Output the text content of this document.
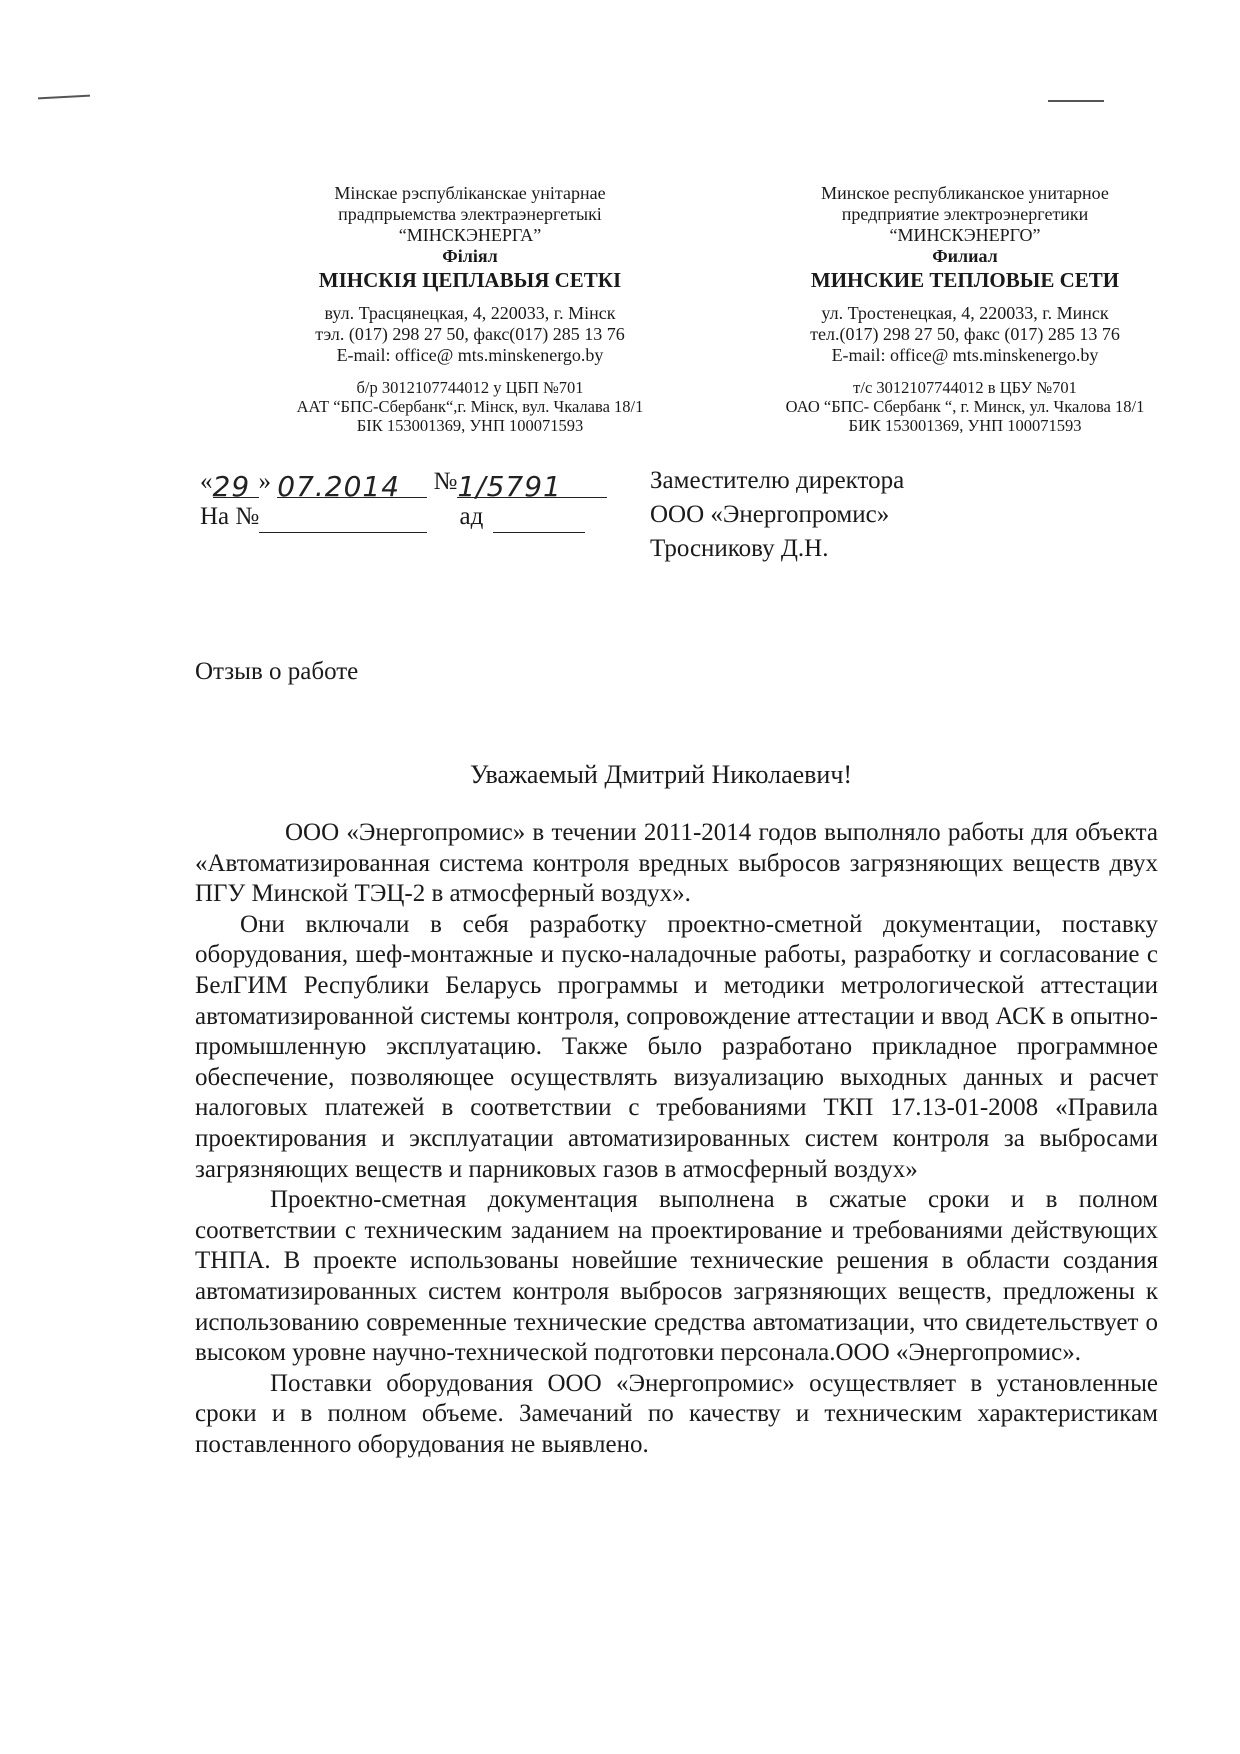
Мінскае рэспубліканскае унітарнае
прадпрыемства электраэнергетыкі
“МІНСКЭНЕРГА”
Філіял
МІНСКІЯ ЦЕПЛАВЫЯ СЕТКІ
вул. Трасцянецкая, 4, 220033, г. Мінск
тэл. (017) 298 27 50, факс(017) 285 13 76
E-mail: office@ mts.minskenergo.by
б/р 3012107744012 у ЦБП №701
ААТ “БПС-Сбербанк“,г. Мінск, вул. Чкалава 18/1
БІК 153001369, УНП 100071593
Минское республиканское унитарное
предприятие электроэнергетики
“МИНСКЭНЕРГО”
Филиал
МИНСКИЕ ТЕПЛОВЫЕ СЕТИ
ул. Тростенецкая, 4, 220033, г. Минск
тел.(017) 298 27 50, факс (017) 285 13 76
E-mail: office@ mts.minskenergo.by
т/с 3012107744012 в ЦБУ №701
ОАО “БПС- Сбербанк “, г. Минск, ул. Чкалова 18/1
БИК 153001369, УНП 100071593
«29 » 07.2014 №1/5791
На №	ад
Заместителю директора
ООО «Энергопромис»
Тросникову Д.Н.
Отзыв о работе
Уважаемый Дмитрий Николаевич!

ООО «Энергопромис» в течении 2011-2014 годов выполняло работы для объекта «Автоматизированная система контроля вредных выбросов загрязняющих веществ двух ПГУ Минской ТЭЦ-2 в атмосферный воздух».

Они включали в себя разработку проектно-сметной документации, поставку оборудования, шеф-монтажные и пуско-наладочные работы, разработку и согласование с БелГИМ Республики Беларусь программы и методики метрологической аттестации автоматизированной системы контроля, сопровождение аттестации и ввод АСК в опытно-промышленную эксплуатацию. Также было разработано прикладное программное обеспечение, позволяющее осуществлять визуализацию выходных данных и расчет налоговых платежей в соответствии с требованиями ТКП 17.13-01-2008 «Правила проектирования и эксплуатации автоматизированных систем контроля за выбросами загрязняющих веществ и парниковых газов в атмосферный воздух»

Проектно-сметная документация выполнена в сжатые сроки и в полном соответствии с техническим заданием на проектирование и требованиями действующих ТНПА. В проекте использованы новейшие технические решения в области создания автоматизированных систем контроля выбросов загрязняющих веществ, предложены к использованию современные технические средства автоматизации, что свидетельствует о высоком уровне научно-технической подготовки персонала.ООО «Энергопромис».

Поставки оборудования ООО «Энергопромис» осуществляет в установленные сроки и в полном объеме. Замечаний по качеству и техническим характеристикам поставленного оборудования не выявлено.
